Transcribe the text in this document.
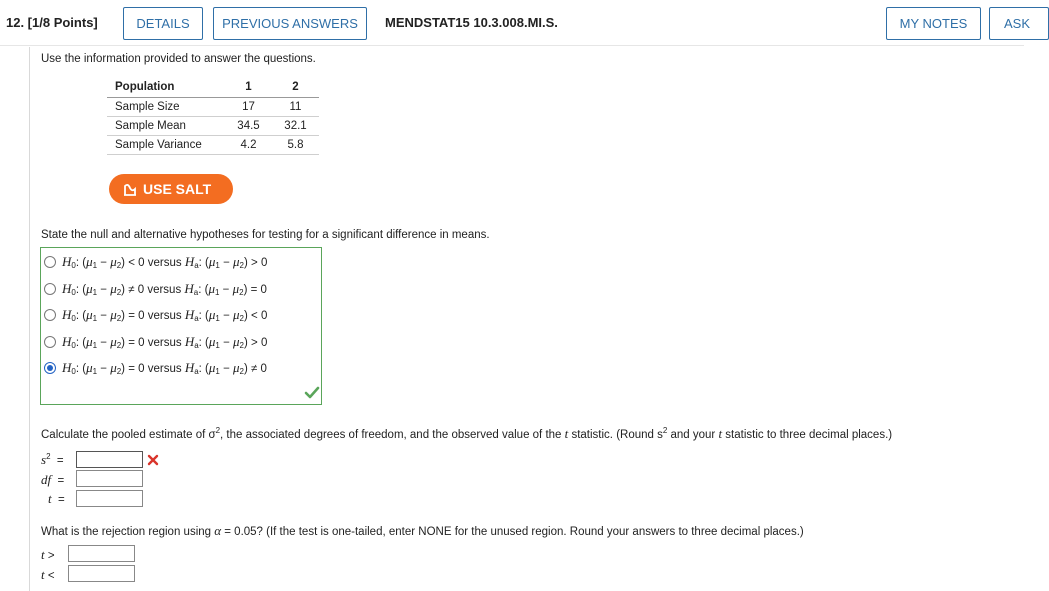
12. [1/8 Points]	DETAILS	PREVIOUS ANSWERS	MENDSTAT15 10.3.008.MI.S.	MY NOTES	ASK
Use the information provided to answer the questions.
Population	1	2
Sample Size	17	11
Sample Mean	34.5	32.1
Sample Variance	4.2	5.8
USE SALT
State the null and alternative hypotheses for testing for a significant difference in means.
$H_0$: $(\mu_1 - \mu_2) < 0$ versus $H_a$: $(\mu_1 - \mu_2) > 0$
$H_0$: $(\mu_1 - \mu_2) \ne 0$ versus $H_a$: $(\mu_1 - \mu_2) = 0$
$H_0$: $(\mu_1 - \mu_2) = 0$ versus $H_a$: $(\mu_1 - \mu_2) < 0$
$H_0$: $(\mu_1 - \mu_2) = 0$ versus $H_a$: $(\mu_1 - \mu_2) > 0$
$H_0$: $(\mu_1 - \mu_2) = 0$ versus $H_a$: $(\mu_1 - \mu_2) \ne 0$
Calculate the pooled estimate of $\sigma^2$, the associated degrees of freedom, and the observed value of the t statistic. (Round $s^2$ and your t statistic to three decimal places.)
$s^2$ =
df =
t =
What is the rejection region using α = 0.05? (If the test is one-tailed, enter NONE for the unused region. Round your answers to three decimal places.)
t >
t <
